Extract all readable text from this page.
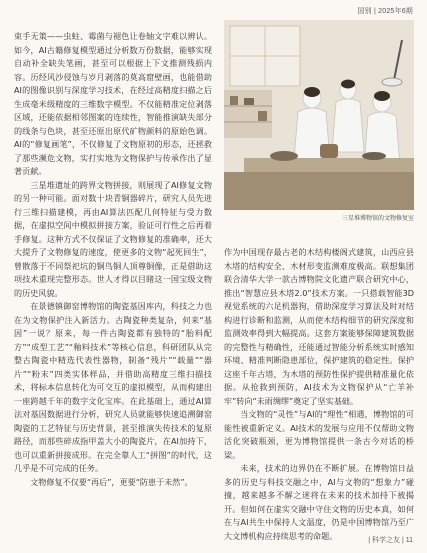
国别 | 2025年6期

束手无策——虫蛀、霉菌与褪色让卷轴文字难以辨认。如今，AI古籍修复模型通过分析数万份数据，能够实现自动补全缺失笔画，甚至可以根据上下文推测残损内容。历经风沙侵蚀与岁月剥落的莫高窟壁画，也能借助AI的图像识别与深度学习技术，在经过高精度扫描之后生成毫米级精度的三维数字模型。不仅能精准定位剥落区域，还能依据相邻图案的连续性，智能推演缺失部分的线条与色块，甚至还原出原代矿物颜料的原始色调。AI的“修复画笔”，不仅修复了文物原初的形态，还拯救了那些濒危文物，实打实地为文物保护与传承作出了显著贡献。

三星堆遗址的跨界文物拼接，则展现了AI修复文物的另一种可能。面对数十块青铜器碎片，研究人员先进行三维扫描建模，再由AI算法匹配几何特征与受力数据，在虚拟空间中模拟拼接方案，验证可行性之后再着手修复。这种方式不仅保证了文物修复的准确率，还大大提升了文物修复的速度，使更多的文物“起死回生”，曾散落于不同祭祀坑的铜鸟铜人顶尊铜像，正是借助这项技术重现完整形态。世人才得以目睹这一国宝级文物的历史风貌。

在景德镇御窑博物馆的陶瓷基因库内，科技之力也在为文物保护注入新活力。古陶瓷种类复杂，何来“基因”一说？原来，每一件古陶瓷都有独特的“胎料配方”“成型工艺”“釉料技术”等核心信息，科研团队从完整古陶瓷中精选代表性器物，制备“残片”“载量”“器片”“粉末”四类实体样品，并借助高精度三维扫描技术，将标本信息转化为可交互的虚拟模型，从而构建出一座跨越千年的数字文化宝库。在此基础上，通过AI算法对基因数据进行分析，研究人员就能够快速追溯御窑陶瓷的工艺特征与历史背景，甚至推演失传技术的复原路径，而那些碎成指甲盖大小的陶瓷片，在AI加持下，也可以重新拼接成形。在完全靠人工“拼图”的时代，这几乎是不可完成的任务。

文物修复不仅要“再后”，更要“防患于未然”。

三星堆博物馆的文物修复室

作为中国现存最古老的木结构楼阁式建筑，山西应县木塔的结构安全、木材形变监测难度极高。联想集团联合清华大学一款古博物院文化遗产联合研究中心，推出“智慧应县木塔2.0”技术方案。一只搭载智能3D视觉系统的六足机器狗，借助深度学习算法及时对结构进行诊断和监测，从而使木结构细节的研究深度和监测效率得到大幅提高。这套方案能够保障建筑数据的完整性与精确性，还能通过智能分析系统实时感知环境、精准判断隐患部位，保护建筑的稳定性。保护这座千年古塔，为木塔的预防性保护提供精准量化依据。从抢救到预防，AI技术为文物保护从“亡羊补牢”转向“未雨绸缪”奠定了坚实基础。

当文物的“灵性”与AI的“理性”相遇，博物馆的可能性被重新定义。AI技术的发展与应用不仅帮助文物活化突破瓶颈，更为博物馆提供一条古今对话的桥梁。

未来，技术的边界仍在不断扩展。在博物馆日益多的历史与科技交融之中，AI与文物的“想象力”碰撞，越来越多不解之迷将在未来的技术加持下被揭开。但如何在虚实交融中守住文物的历史本真，如何在与AI共生中保持人文温度，仍是中国博物馆乃至广大文博机构应持续思考的命题。	| 科学之友 | 11
